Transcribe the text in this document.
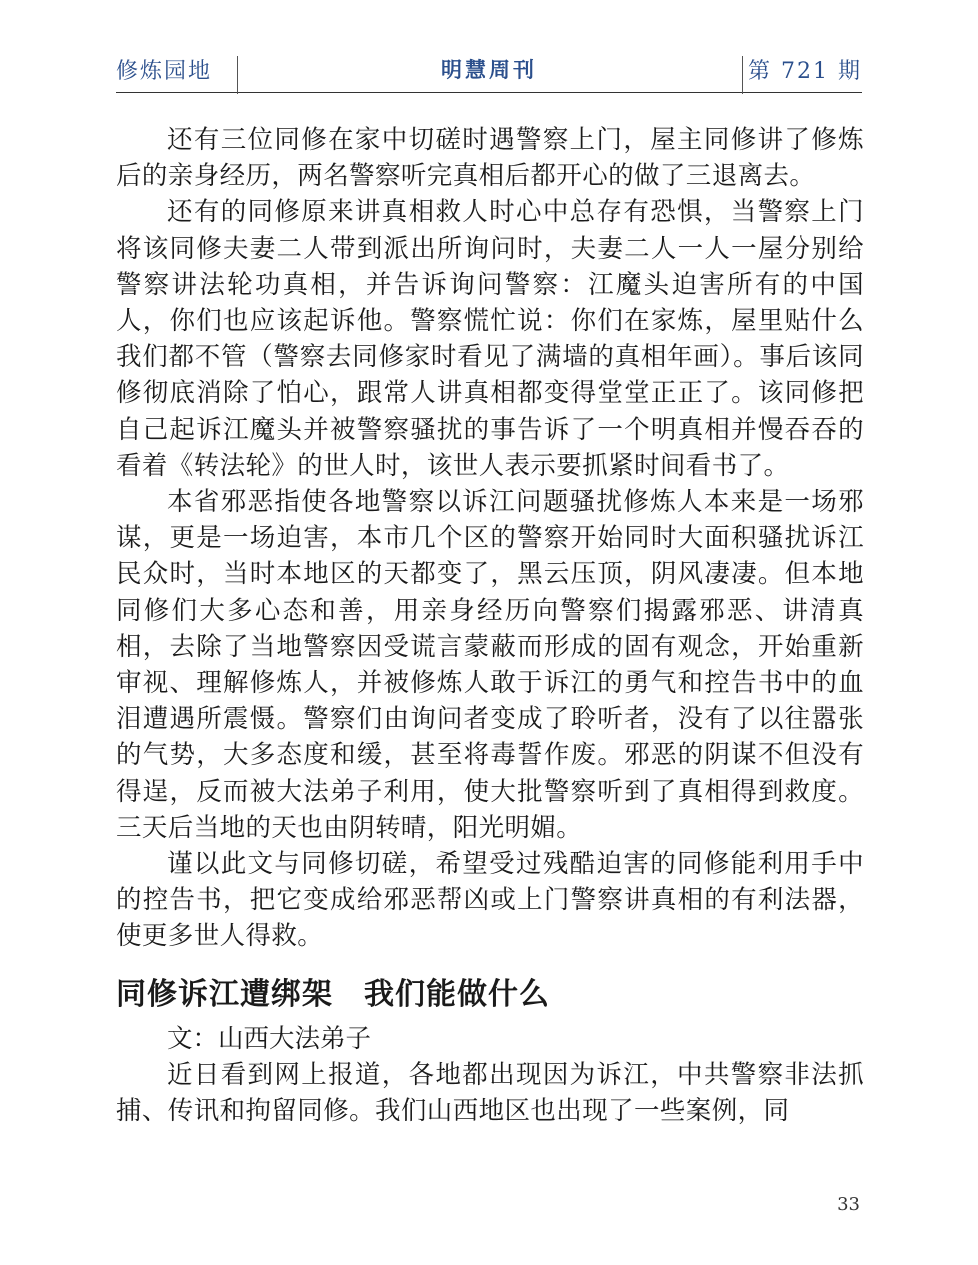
修炼园地	明慧周刊	第 721 期

还有三位同修在家中切磋时遇警察上门，屋主同修讲了修炼后的亲身经历，两名警察听完真相后都开心的做了三退离去。

还有的同修原来讲真相救人时心中总存有恐惧，当警察上门将该同修夫妻二人带到派出所询问时，夫妻二人一人一屋分别给警察讲法轮功真相，并告诉询问警察：江魔头迫害所有的中国人，你们也应该起诉他。警察慌忙说：你们在家炼，屋里贴什么我们都不管（警察去同修家时看见了满墙的真相年画）。事后该同修彻底消除了怕心，跟常人讲真相都变得堂堂正正了。该同修把自己起诉江魔头并被警察骚扰的事告诉了一个明真相并慢吞吞的看着《转法轮》的世人时，该世人表示要抓紧时间看书了。

本省邪恶指使各地警察以诉江问题骚扰修炼人本来是一场邪谋，更是一场迫害，本市几个区的警察开始同时大面积骚扰诉江民众时，当时本地区的天都变了，黑云压顶，阴风凄凄。但本地同修们大多心态和善，用亲身经历向警察们揭露邪恶、讲清真相，去除了当地警察因受谎言蒙蔽而形成的固有观念，开始重新审视、理解修炼人，并被修炼人敢于诉江的勇气和控告书中的血泪遭遇所震慑。警察们由询问者变成了聆听者，没有了以往嚣张的气势，大多态度和缓，甚至将毒誓作废。邪恶的阴谋不但没有得逞，反而被大法弟子利用，使大批警察听到了真相得到救度。三天后当地的天也由阴转晴，阳光明媚。

谨以此文与同修切磋，希望受过残酷迫害的同修能利用手中的控告书，把它变成给邪恶帮凶或上门警察讲真相的有利法器，使更多世人得救。

同修诉江遭绑架　我们能做什么

文：山西大法弟子

近日看到网上报道，各地都出现因为诉江，中共警察非法抓捕、传讯和拘留同修。我们山西地区也出现了一些案例，同

33
